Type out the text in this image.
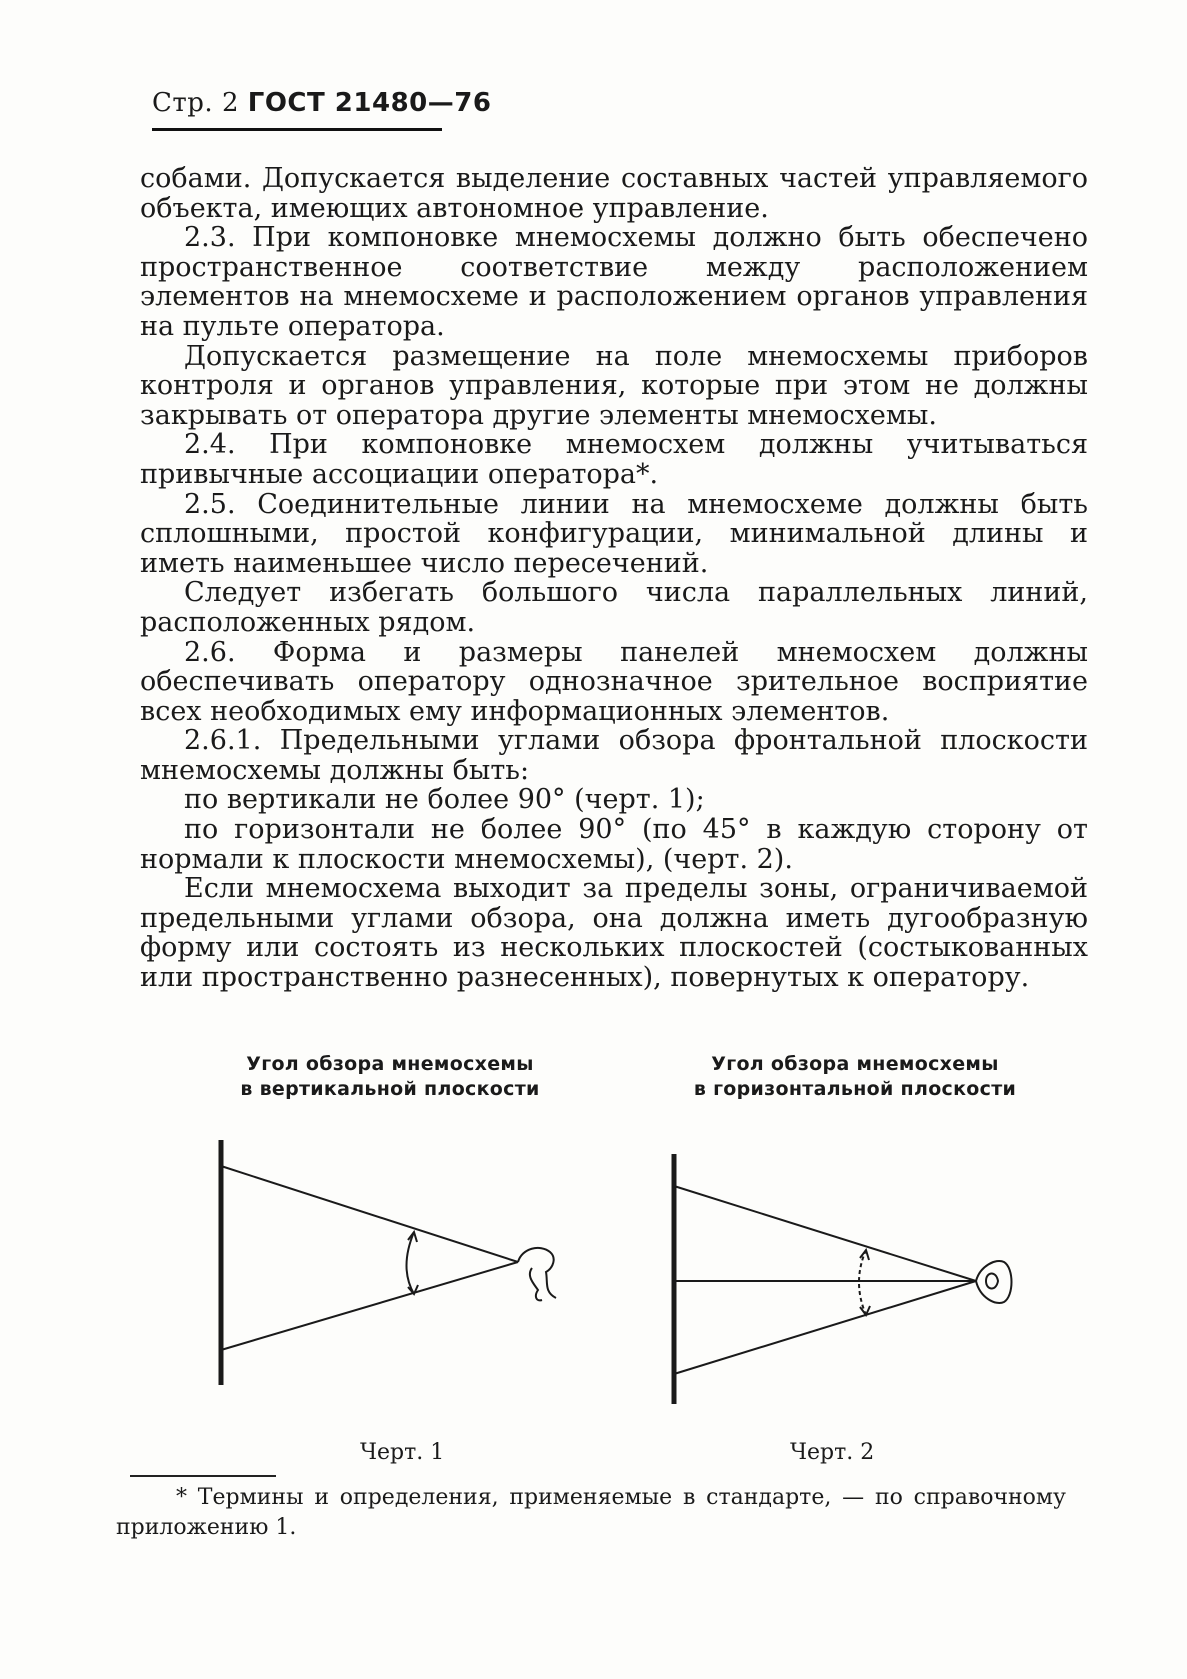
Стр. 2 ГОСТ 21480—76

собами. Допускается выделение составных частей управляемого объекта, имеющих автономное управление.

2.3. При компоновке мнемосхемы должно быть обеспечено пространственное соответствие между расположением элементов на мнемосхеме и расположением органов управления на пульте оператора.

Допускается размещение на поле мнемосхемы приборов контроля и органов управления, которые при этом не должны закрывать от оператора другие элементы мнемосхемы.

2.4. При компоновке мнемосхем должны учитываться привычные ассоциации оператора*.

2.5. Соединительные линии на мнемосхеме должны быть сплошными, простой конфигурации, минимальной длины и иметь наименьшее число пересечений.

Следует избегать большого числа параллельных линий, расположенных рядом.

2.6. Форма и размеры панелей мнемосхем должны обеспечивать оператору однозначное зрительное восприятие всех необходимых ему информационных элементов.

2.6.1. Предельными углами обзора фронтальной плоскости мнемосхемы должны быть:

по вертикали не более 90° (черт. 1);

по горизонтали не более 90° (по 45° в каждую сторону от нормали к плоскости мнемосхемы), (черт. 2).

Если мнемосхема выходит за пределы зоны, ограничиваемой предельными углами обзора, она должна иметь дугообразную форму или состоять из нескольких плоскостей (состыкованных или пространственно разнесенных), повернутых к оператору.

Угол обзора мнемосхемы
в вертикальной плоскости
Угол обзора мнемосхемы
в горизонтальной плоскости
Черт. 1	Черт. 2
* Термины и определения, применяемые в стандарте, — по справочному приложению 1.
